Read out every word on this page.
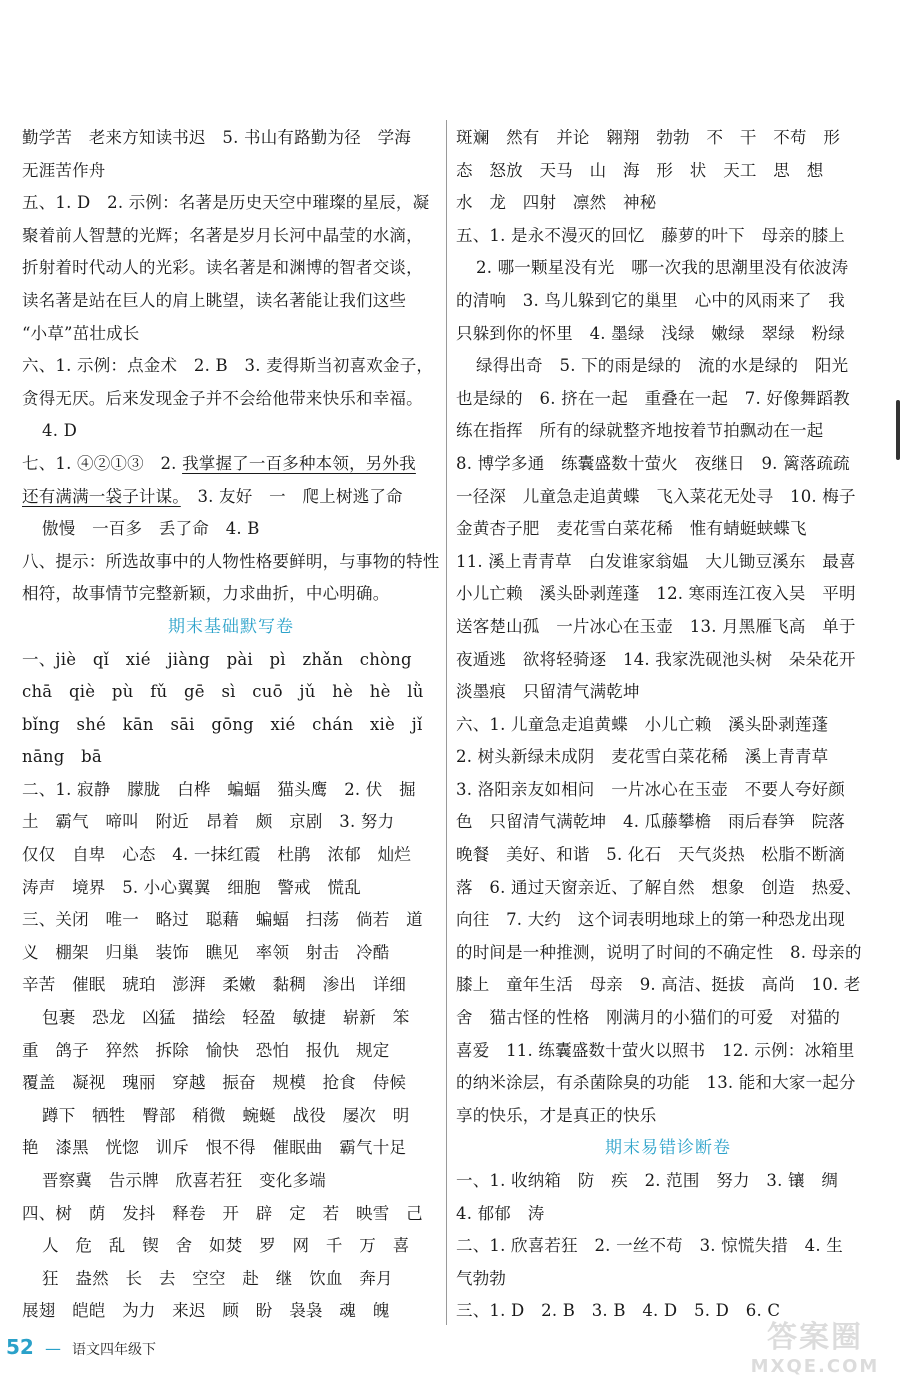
勤学苦　老来方知读书迟　5. 书山有路勤为径　学海
无涯苦作舟
五、1. D　2. 示例：名著是历史天空中璀璨的星辰，凝
聚着前人智慧的光辉；名著是岁月长河中晶莹的水滴，
折射着时代动人的光彩。读名著是和渊博的智者交谈，
读名著是站在巨人的肩上眺望，读名著能让我们这些
“小草”茁壮成长
六、1. 示例：点金术　2. B　3. 麦得斯当初喜欢金子，
贪得无厌。后来发现金子并不会给他带来快乐和幸福。
4. D
七、1. ④②①③　2. 我掌握了一百多种本领，另外我
还有满满一袋子计谋。　3. 友好　一　爬上树逃了命
傲慢　一百多　丢了命　4. B
八、提示：所选故事中的人物性格要鲜明，与事物的特性
相符，故事情节完整新颖，力求曲折，中心明确。
期末基础默写卷
一、jiè　qǐ　xié　jiàng　pài　pì　zhǎn　chòng
chā　qiè　pù　fǔ　gē　sì　cuō　jǔ　hè　hè　lǜ
bǐng　shé　kān　sāi　gōng　xié　chán　xiè　jǐ
nāng　bā
二、1. 寂静　朦胧　白桦　蝙蝠　猫头鹰　2. 伏　掘
土　霸气　啼叫　附近　昂着　颇　京剧　3. 努力
仅仅　自卑　心态　4. 一抹红霞　杜鹃　浓郁　灿烂
涛声　境界　5. 小心翼翼　细胞　警戒　慌乱
三、关闭　唯一　略过　聪藉　蝙蝠　扫荡　倘若　道
义　棚架　归巢　装饰　瞧见　率领　射击　冷酷
辛苦　催眠　琥珀　澎湃　柔嫩　黏稠　渗出　详细
包裹　恐龙　凶猛　描绘　轻盈　敏捷　崭新　笨
重　鸽子　猝然　拆除　愉快　恐怕　报仇　规定
覆盖　凝视　瑰丽　穿越　振奋　规模　抢食　侍候
蹲下　牺牲　臀部　稍微　蜿蜒　战役　屡次　明
艳　漆黑　恍惚　训斥　恨不得　催眠曲　霸气十足
晋察冀　告示牌　欣喜若狂　变化多端
四、树　荫　发抖　释卷　开　辟　定　若　映雪　己
人　危　乱　锲　舍　如焚　罗　网　千　万　喜
狂　盎然　长　去　空空　赴　继　饮血　奔月
展翅　皑皑　为力　来迟　顾　盼　袅袅　魂　魄
斑斓　然有　并论　翱翔　勃勃　不　干　不苟　形
态　怒放　天马　山　海　形　状　天工　思　想
水　龙　四射　凛然　神秘
五、1. 是永不漫灭的回忆　藤萝的叶下　母亲的膝上
2. 哪一颗星没有光　哪一次我的思潮里没有依波涛
的清响　3. 鸟儿躲到它的巢里　心中的风雨来了　我
只躲到你的怀里　4. 墨绿　浅绿　嫩绿　翠绿　粉绿
绿得出奇　5. 下的雨是绿的　流的水是绿的　阳光
也是绿的　6. 挤在一起　重叠在一起　7. 好像舞蹈教
练在指挥　所有的绿就整齐地按着节拍飘动在一起
8. 博学多通　练囊盛数十萤火　夜继日　9. 篱落疏疏
一径深　儿童急走追黄蝶　飞入菜花无处寻　10. 梅子
金黄杏子肥　麦花雪白菜花稀　惟有蜻蜓蛱蝶飞
11. 溪上青青草　白发谁家翁媪　大儿锄豆溪东　最喜
小儿亡赖　溪头卧剥莲蓬　12. 寒雨连江夜入吴　平明
送客楚山孤　一片冰心在玉壶　13. 月黑雁飞高　单于
夜遁逃　欲将轻骑逐　14. 我家洗砚池头树　朵朵花开
淡墨痕　只留清气满乾坤
六、1. 儿童急走追黄蝶　小儿亡赖　溪头卧剥莲蓬
2. 树头新绿未成阴　麦花雪白菜花稀　溪上青青草
3. 洛阳亲友如相问　一片冰心在玉壶　不要人夸好颜
色　只留清气满乾坤　4. 瓜藤攀檐　雨后春笋　院落
晚餐　美好、和谐　5. 化石　天气炎热　松脂不断滴
落　6. 通过天窗亲近、了解自然　想象　创造　热爱、
向往　7. 大约　这个词表明地球上的第一种恐龙出现
的时间是一种推测，说明了时间的不确定性　8. 母亲的
膝上　童年生活　母亲　9. 高洁、挺拔　高尚　10. 老
舍　猫古怪的性格　刚满月的小猫们的可爱　对猫的
喜爱　11. 练囊盛数十萤火以照书　12. 示例：冰箱里
的纳米涂层，有杀菌除臭的功能　13. 能和大家一起分
享的快乐，才是真正的快乐
期末易错诊断卷
一、1. 收纳箱　防　疾　2. 范围　努力　3. 镶　绸
4. 郁郁　涛
二、1. 欣喜若狂　2. 一丝不苟　3. 惊慌失措　4. 生
气勃勃
三、1. D　2. B　3. B　4. D　5. D　6. C
52 — 语文四年级下	答案圈
MXQE.COM
